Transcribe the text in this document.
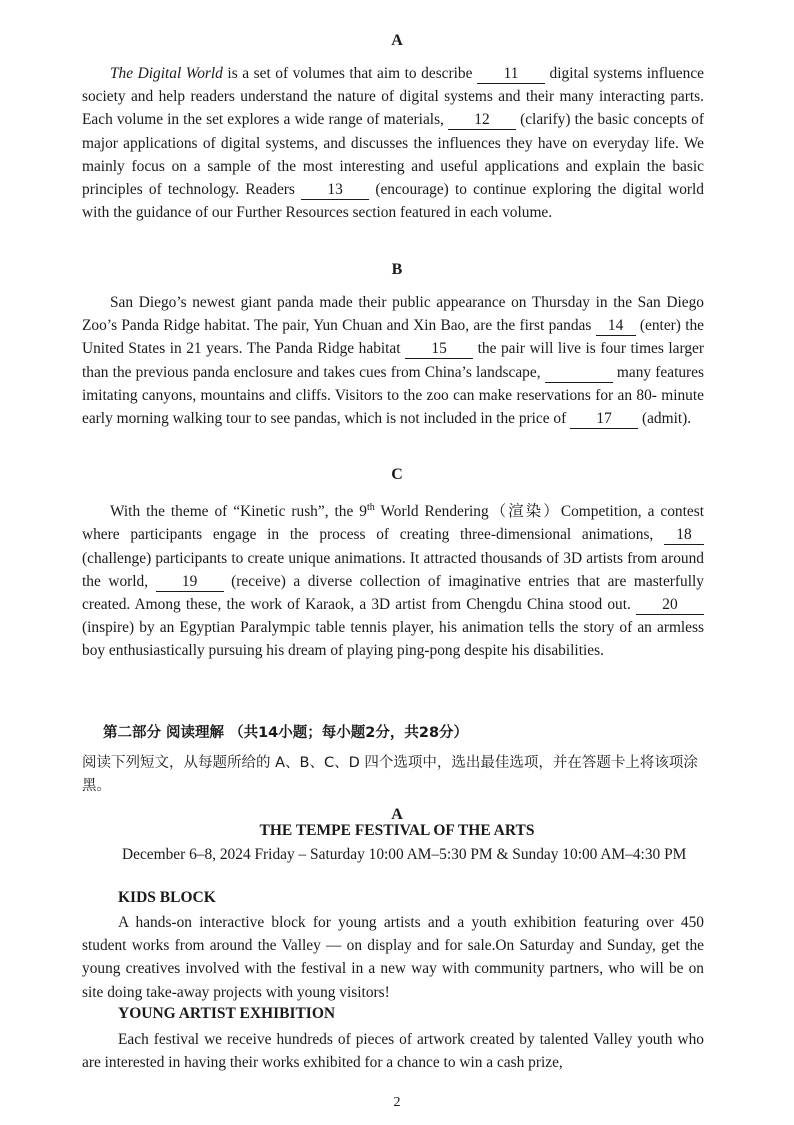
A

The Digital World is a set of volumes that aim to describe 11 digital systems influence society and help readers understand the nature of digital systems and their many interacting parts. Each volume in the set explores a wide range of materials, 12 (clarify) the basic concepts of major applications of digital systems, and discusses the influences they have on everyday life. We mainly focus on a sample of the most interesting and useful applications and explain the basic principles of technology. Readers 13 (encourage) to continue exploring the digital world with the guidance of our Further Resources section featured in each volume.

B

San Diego’s newest giant panda made their public appearance on Thursday in the San Diego Zoo’s Panda Ridge habitat. The pair, Yun Chuan and Xin Bao, are the first pandas 14 (enter) the United States in 21 years. The Panda Ridge habitat 15 the pair will live is four times larger than the previous panda enclosure and takes cues from China’s landscape,	many features imitating canyons, mountains and cliffs. Visitors to the zoo can make reservations for an 80- minute early morning walking tour to see pandas, which is not included in the price of 17 (admit).

C

With the theme of “Kinetic rush”, the 9th World Rendering（渲染）Competition, a contest where participants engage in the process of creating three-dimensional animations, 18 (challenge) participants to create unique animations. It attracted thousands of 3D artists from around the world, 19 (receive) a diverse collection of imaginative entries that are masterfully created. Among these, the work of Karaok, a 3D artist from Chengdu China stood out. 20 (inspire) by an Egyptian Paralympic table tennis player, his animation tells the story of an armless boy enthusiastically pursuing his dream of playing ping-pong despite his disabilities.

第二部分 阅读理解 （共14小题；每小题2分，共28分）

阅读下列短文，从每题所给的 A、B、C、D 四个选项中，选出最佳选项，并在答题卡上将该项涂黑。

A
THE TEMPE FESTIVAL OF THE ARTS

December 6–8, 2024 Friday – Saturday 10:00 AM–5:30 PM & Sunday 10:00 AM–4:30 PM

KIDS BLOCK

A hands-on interactive block for young artists and a youth exhibition featuring over 450 student works from around the Valley — on display and for sale.On Saturday and Sunday, get the young creatives involved with the festival in a new way with community partners, who will be on site doing take-away projects with young visitors!

YOUNG ARTIST EXHIBITION

Each festival we receive hundreds of pieces of artwork created by talented Valley youth who are interested in having their works exhibited for a chance to win a cash prize,

2
